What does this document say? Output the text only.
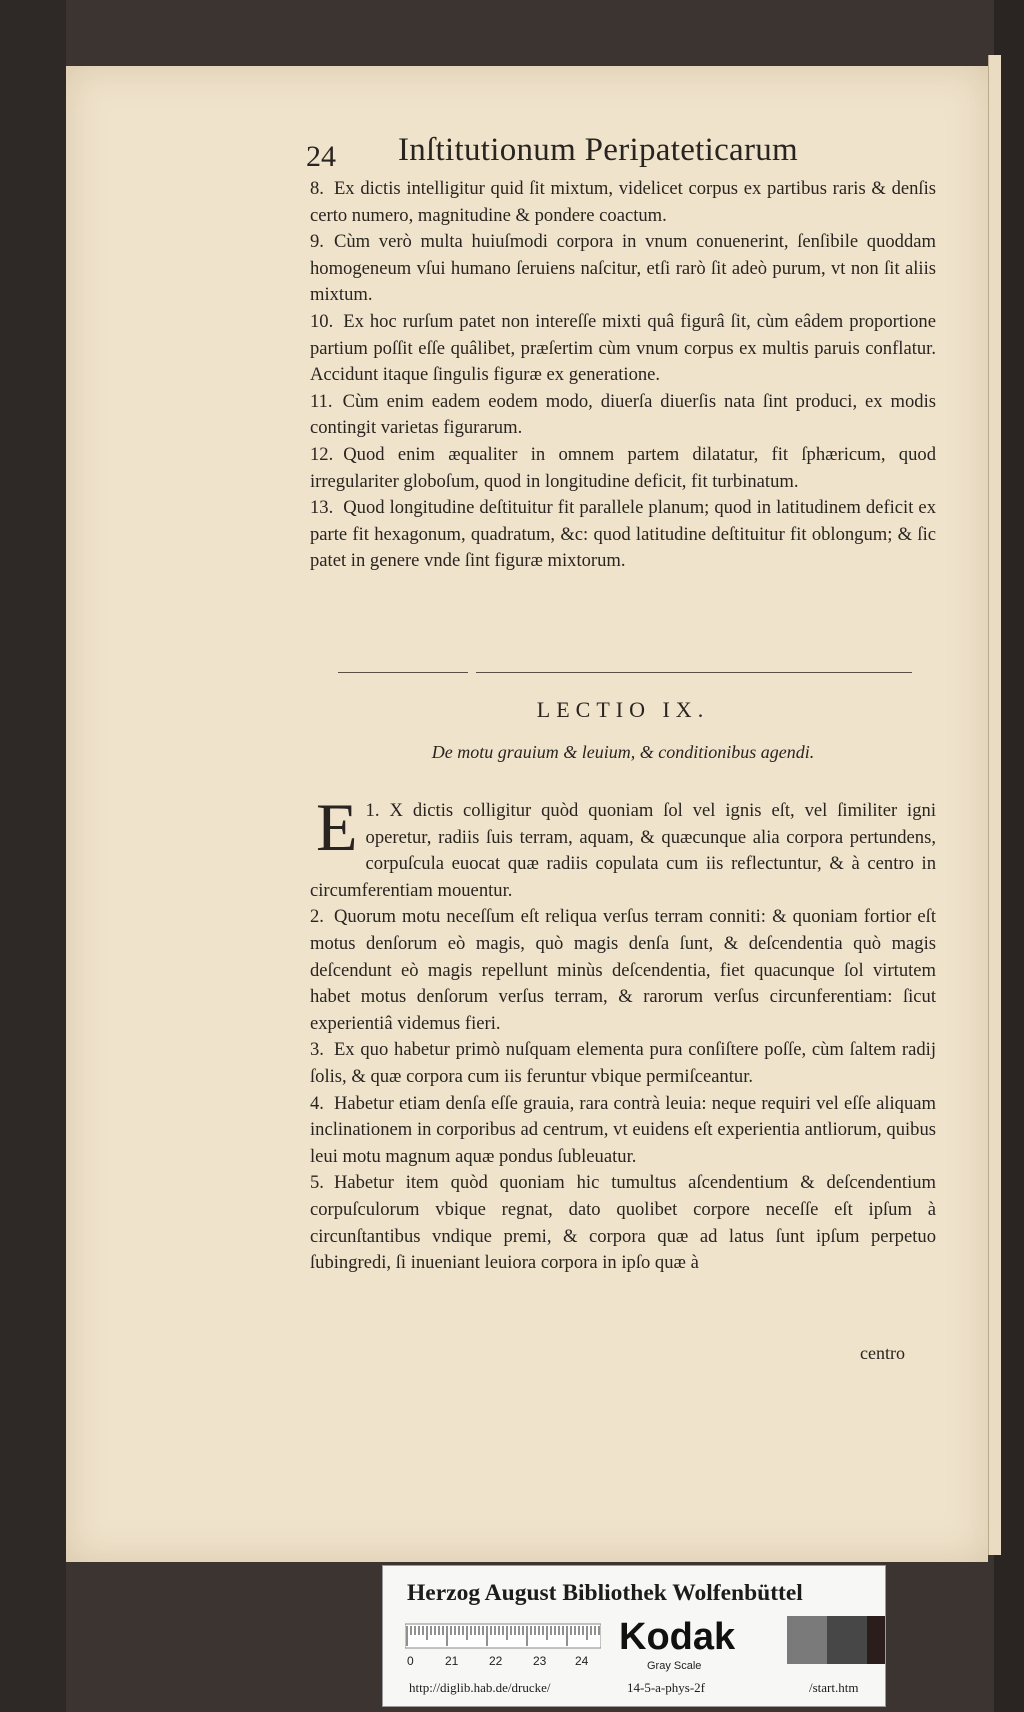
24 Inſtitutionum Peripateticarum

8. Ex dictis intelligitur quid ſit mixtum, videlicet corpus ex partibus raris & denſis certo numero, magnitudine & pondere coactum.

9. Cùm verò multa huiuſmodi corpora in vnum conuenerint, ſenſibile quoddam homogeneum vſui humano ſeruiens naſcitur, etſi rarò ſit adeò purum, vt non ſit aliis mixtum.

10. Ex hoc rurſum patet non intereſſe mixti quâ figurâ ſit, cùm eâdem proportione partium poſſit eſſe quâlibet, præſertim cùm vnum corpus ex multis paruis conflatur. Accidunt itaque ſingulis figuræ ex generatione.

11. Cùm enim eadem eodem modo, diuerſa diuerſis nata ſint produci, ex modis contingit varietas figurarum.

12. Quod enim æqualiter in omnem partem dilatatur, fit ſphæricum, quod irregulariter globoſum, quod in longitudine deficit, fit turbinatum.

13. Quod longitudine deſtituitur fit parallele planum; quod in latitudinem deficit ex parte fit hexagonum, quadratum, &c: quod latitudine deſtituitur fit oblongum; & ſic patet in genere vnde ſint figuræ mixtorum.

LECTIO IX.
De motu grauium & leuium, & conditionibus agendi.

1.
E X dictis colligitur quòd quoniam ſol vel ignis eſt, vel ſimiliter igni operetur, radiis ſuis terram, aquam, & quæcunque alia corpora pertundens, corpuſcula euocat quæ radiis copulata cum iis reflectuntur, & à centro in circumferentiam mouentur.

2. Quorum motu neceſſum eſt reliqua verſus terram conniti: & quoniam fortior eſt motus denſorum eò magis, quò magis denſa ſunt, & deſcendentia quò magis deſcendunt eò magis repellunt minùs deſcendentia, fiet quacunque ſol virtutem habet motus denſorum verſus terram, & rarorum verſus circunferentiam: ſicut experientiâ videmus fieri.

3. Ex quo habetur primò nuſquam elementa pura conſiſtere poſſe, cùm ſaltem radij ſolis, & quæ corpora cum iis feruntur vbique permiſceantur.

4. Habetur etiam denſa eſſe grauia, rara contrà leuia: neque requiri vel eſſe aliquam inclinationem in corporibus ad centrum, vt euidens eſt experientia antliorum, quibus leui motu magnum aquæ pondus ſubleuatur.

5. Habetur item quòd quoniam hic tumultus aſcendentium & deſcendentium corpuſculorum vbique regnat, dato quolibet corpore neceſſe eſt ipſum à circunſtantibus vndique premi, & corpora quæ ad latus ſunt ipſum perpetuo ſubingredi, ſi inueniant leuiora corpora in ipſo quæ à

centro
Herzog August Bibliothek Wolfenbüttel
0	21	22	23 24
Kodak
Gray Scale
http://diglib.hab.de/drucke/	14-5-a-phys-2f	/start.htm
